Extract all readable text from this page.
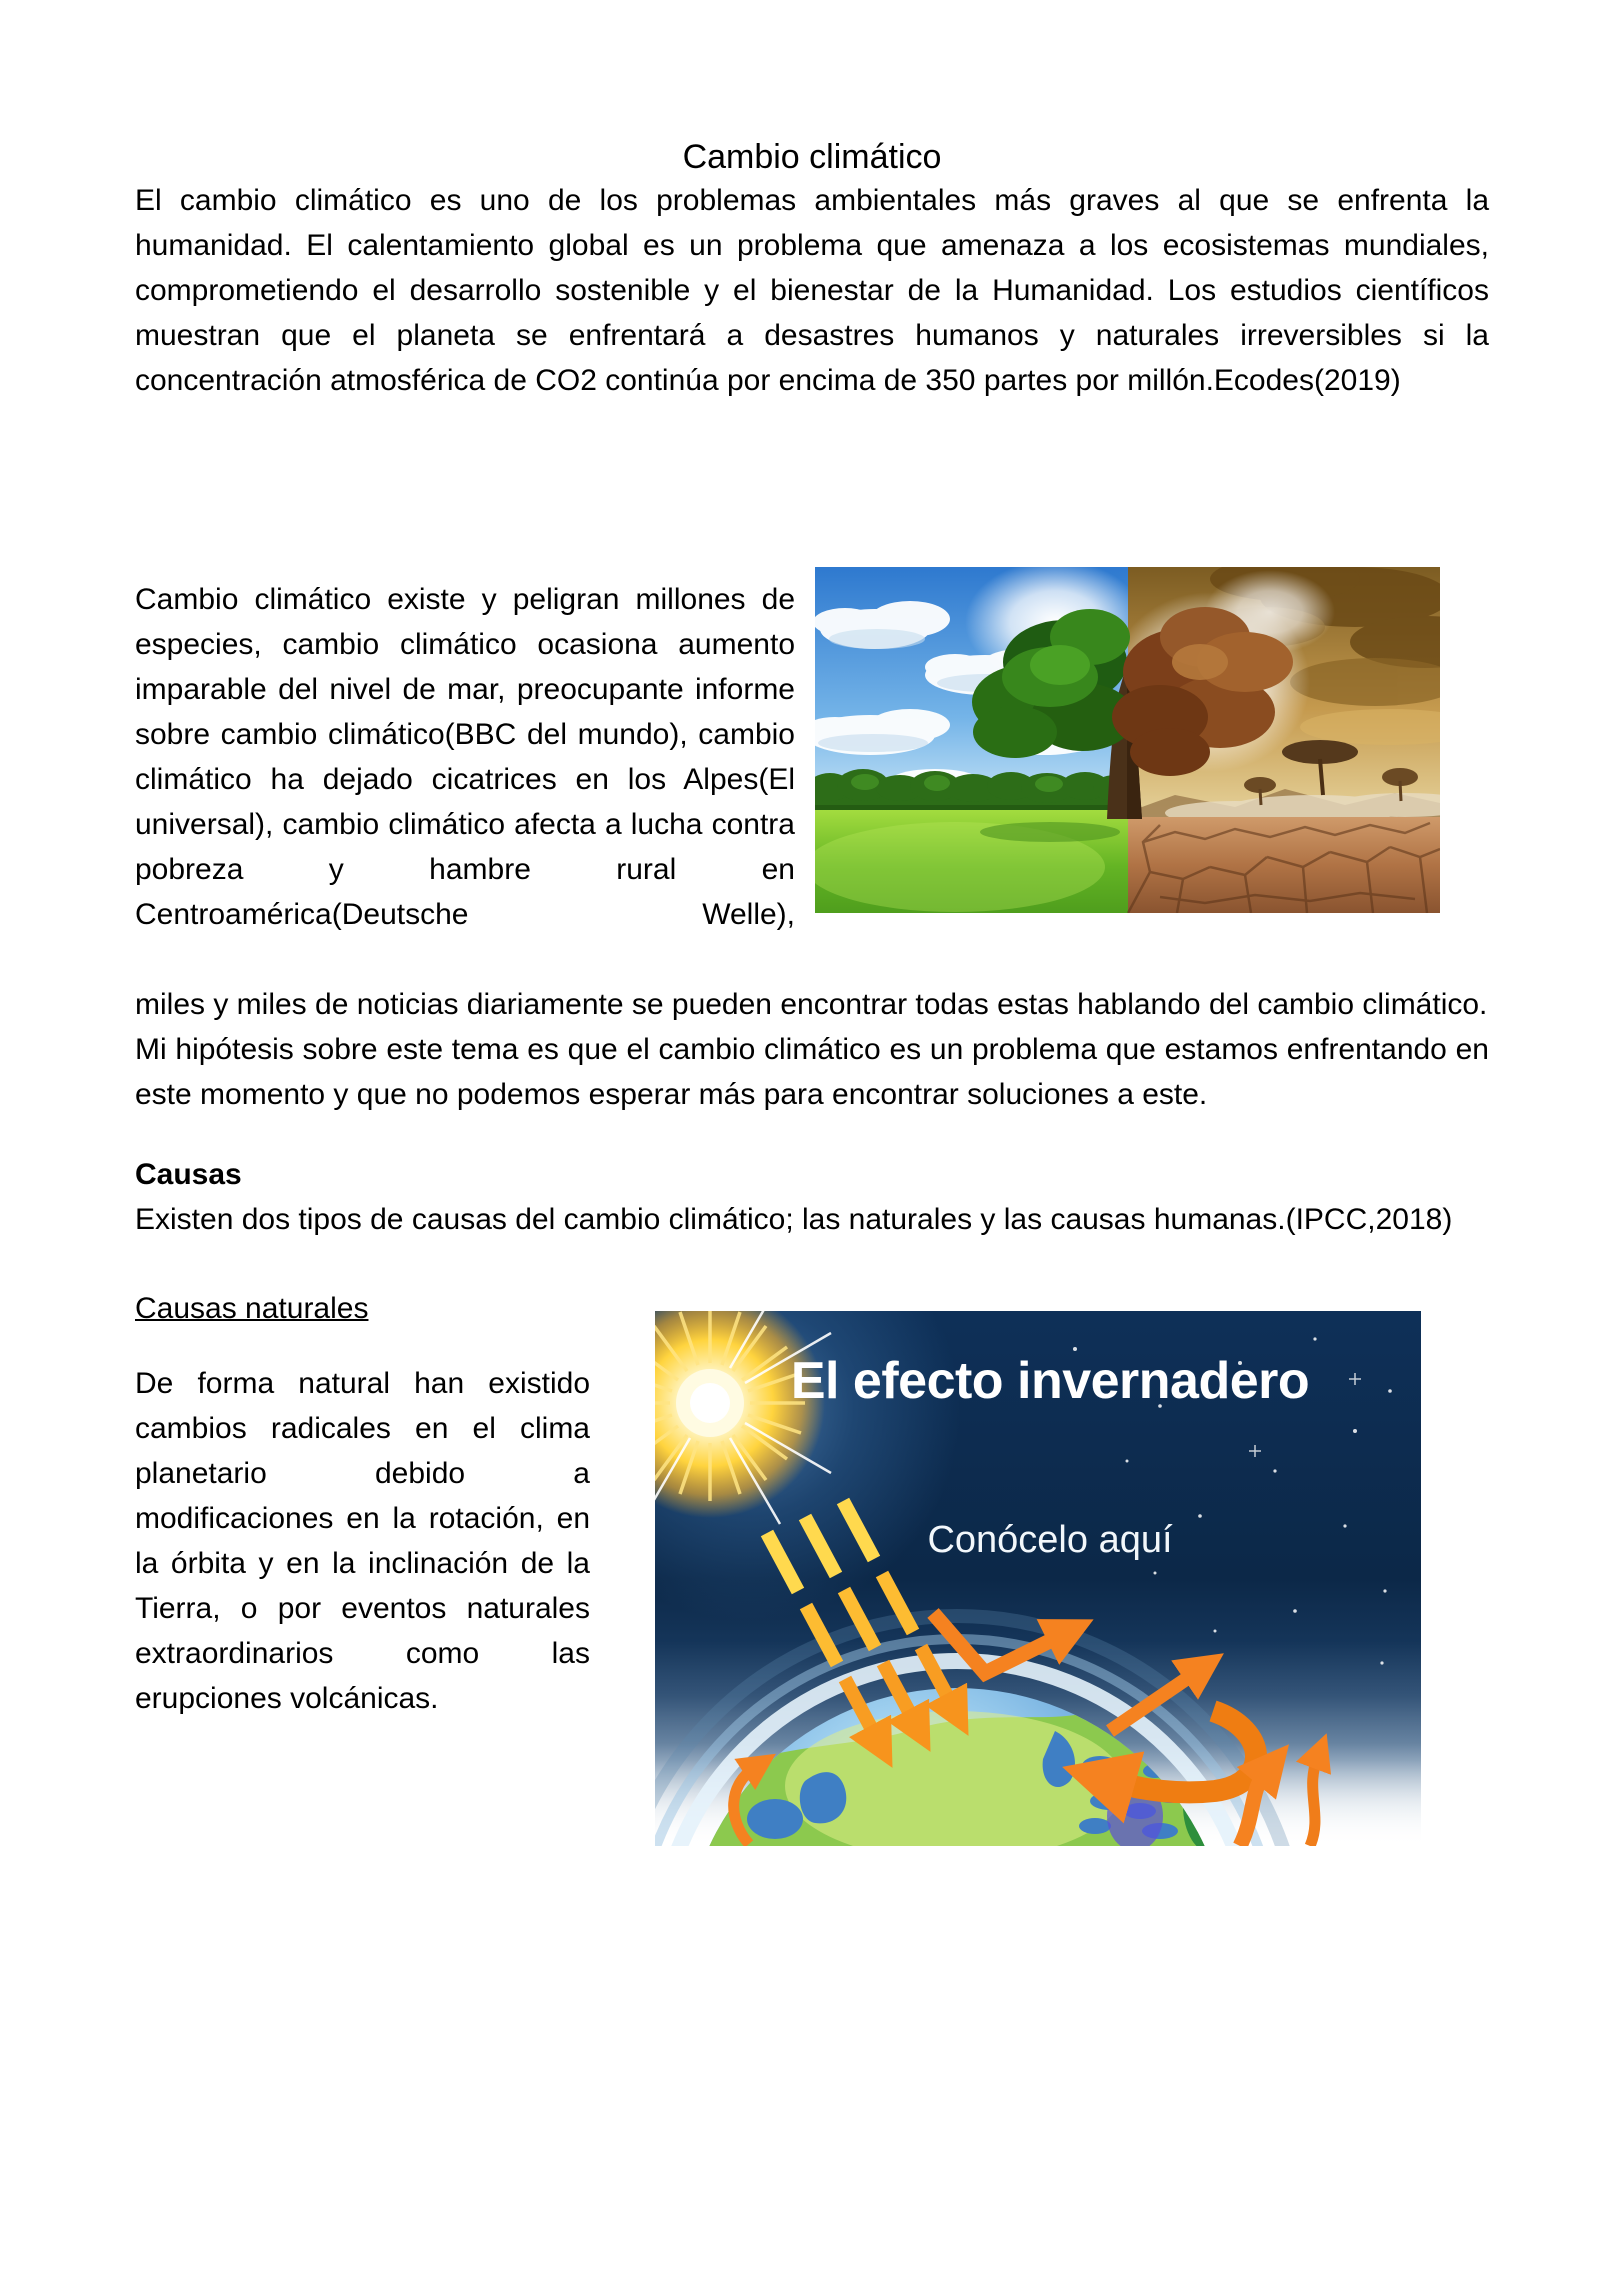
Cambio climático

El cambio climático es uno de los problemas ambientales más graves al que se enfrenta la humanidad. El calentamiento global es un problema que amenaza a los ecosistemas mundiales, comprometiendo el desarrollo sostenible y el bienestar de la Humanidad. Los estudios científicos muestran que el planeta se enfrentará a desastres humanos y naturales irreversibles si la concentración atmosférica de CO2 continúa por encima de 350 partes por millón.Ecodes(2019)

Cambio climático existe y peligran millones de especies, cambio climático ocasiona aumento imparable del nivel de mar, preocupante informe sobre cambio climático(BBC del mundo), cambio climático ha dejado cicatrices en los Alpes(El universal), cambio climático afecta a lucha contra pobreza y hambre rural en Centroamérica(Deutsche Welle),

miles y miles de noticias diariamente se pueden encontrar todas estas hablando del cambio climático.

Mi hipótesis sobre este tema es que el cambio climático es un problema que estamos enfrentando en este momento y que no podemos esperar más para encontrar soluciones a este.

Causas

Existen dos tipos de causas del cambio climático; las naturales y las causas humanas.(IPCC,2018)

Causas naturales

De forma natural han existido cambios radicales en el clima planetario debido a modificaciones en la rotación, en la órbita y en la inclinación de la Tierra, o por eventos naturales extraordinarios como las erupciones volcánicas.

El efecto invernadero
Conócelo aquí
